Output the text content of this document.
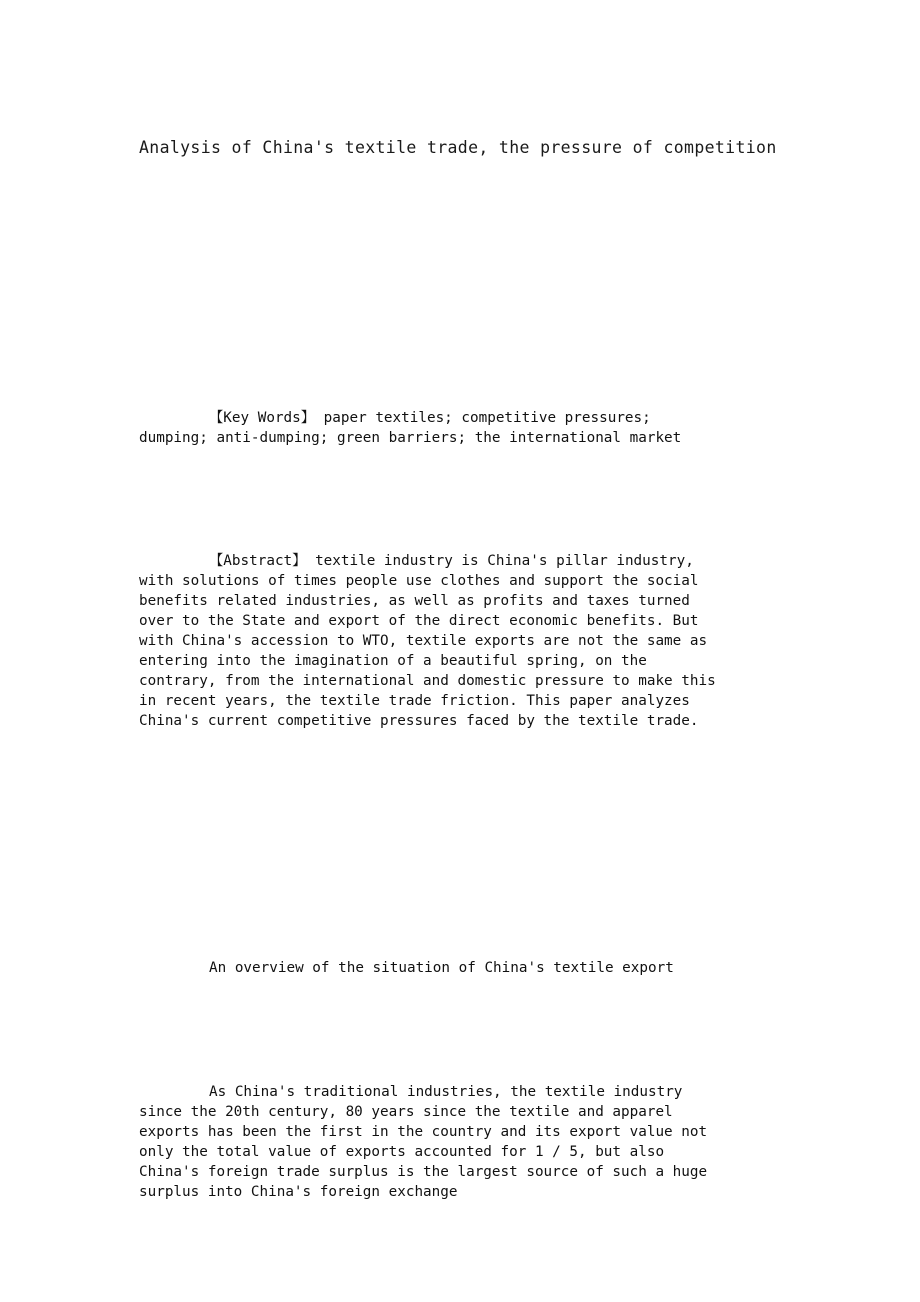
Analysis of China's textile trade, the pressure of competition
【Key Words】 paper textiles; competitive pressures; dumping; anti-dumping; green barriers; the international market
【Abstract】 textile industry is China's pillar industry, with solutions of times people use clothes and support the social benefits related industries, as well as profits and taxes turned over to the State and export of the direct economic benefits. But with China's accession to WTO, textile exports are not the same as entering into the imagination of a beautiful spring, on the contrary, from the international and domestic pressure to make this in recent years, the textile trade friction. This paper analyzes China's current competitive pressures faced by the textile trade.
An overview of the situation of China's textile export
As China's traditional industries, the textile industry since the 20th century, 80 years since the textile and apparel exports has been the first in the country and its export value not only the total value of exports accounted for 1 / 5, but also China's foreign trade surplus is the largest source of such a huge surplus into China's foreign exchange
